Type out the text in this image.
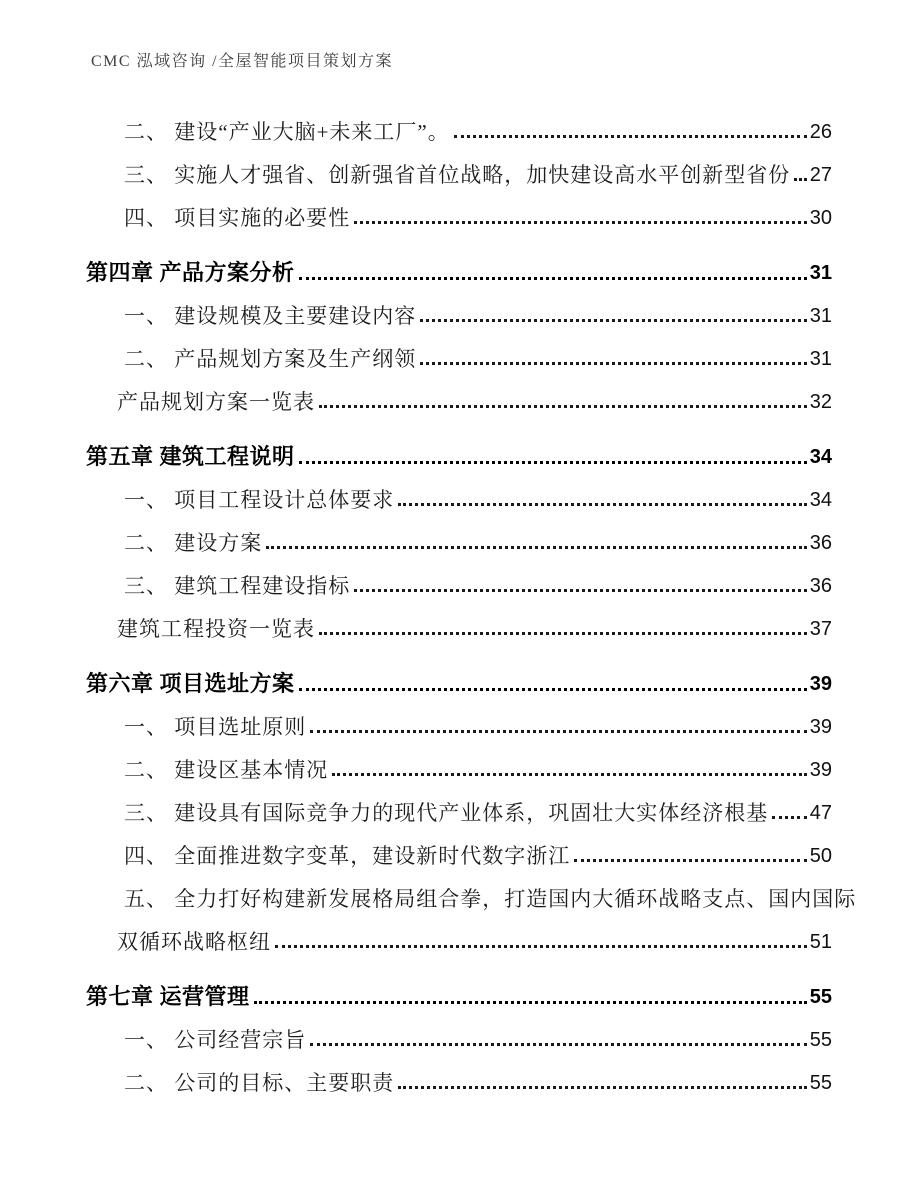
CMC 泓域咨询 /全屋智能项目策划方案
二、 建设“产业大脑+未来工厂”。	26
三、 实施人才强省、创新强省首位战略，加快建设高水平创新型省份 27
四、 项目实施的必要性	30
第四章 产品方案分析	31
一、 建设规模及主要建设内容	31
二、 产品规划方案及生产纲领	31
产品规划方案一览表	32
第五章 建筑工程说明	34
一、 项目工程设计总体要求	34
二、 建设方案	36
三、 建筑工程建设指标	36
建筑工程投资一览表	37
第六章 项目选址方案	39
一、 项目选址原则	39
二、 建设区基本情况	39
三、 建设具有国际竞争力的现代产业体系，巩固壮大实体经济根基 47
四、 全面推进数字变革，建设新时代数字浙江	50
五、 全力打好构建新发展格局组合拳，打造国内大循环战略支点、国内国际
双循环战略枢纽	51
第七章 运营管理	55
一、 公司经营宗旨	55
二、 公司的目标、主要职责	55
